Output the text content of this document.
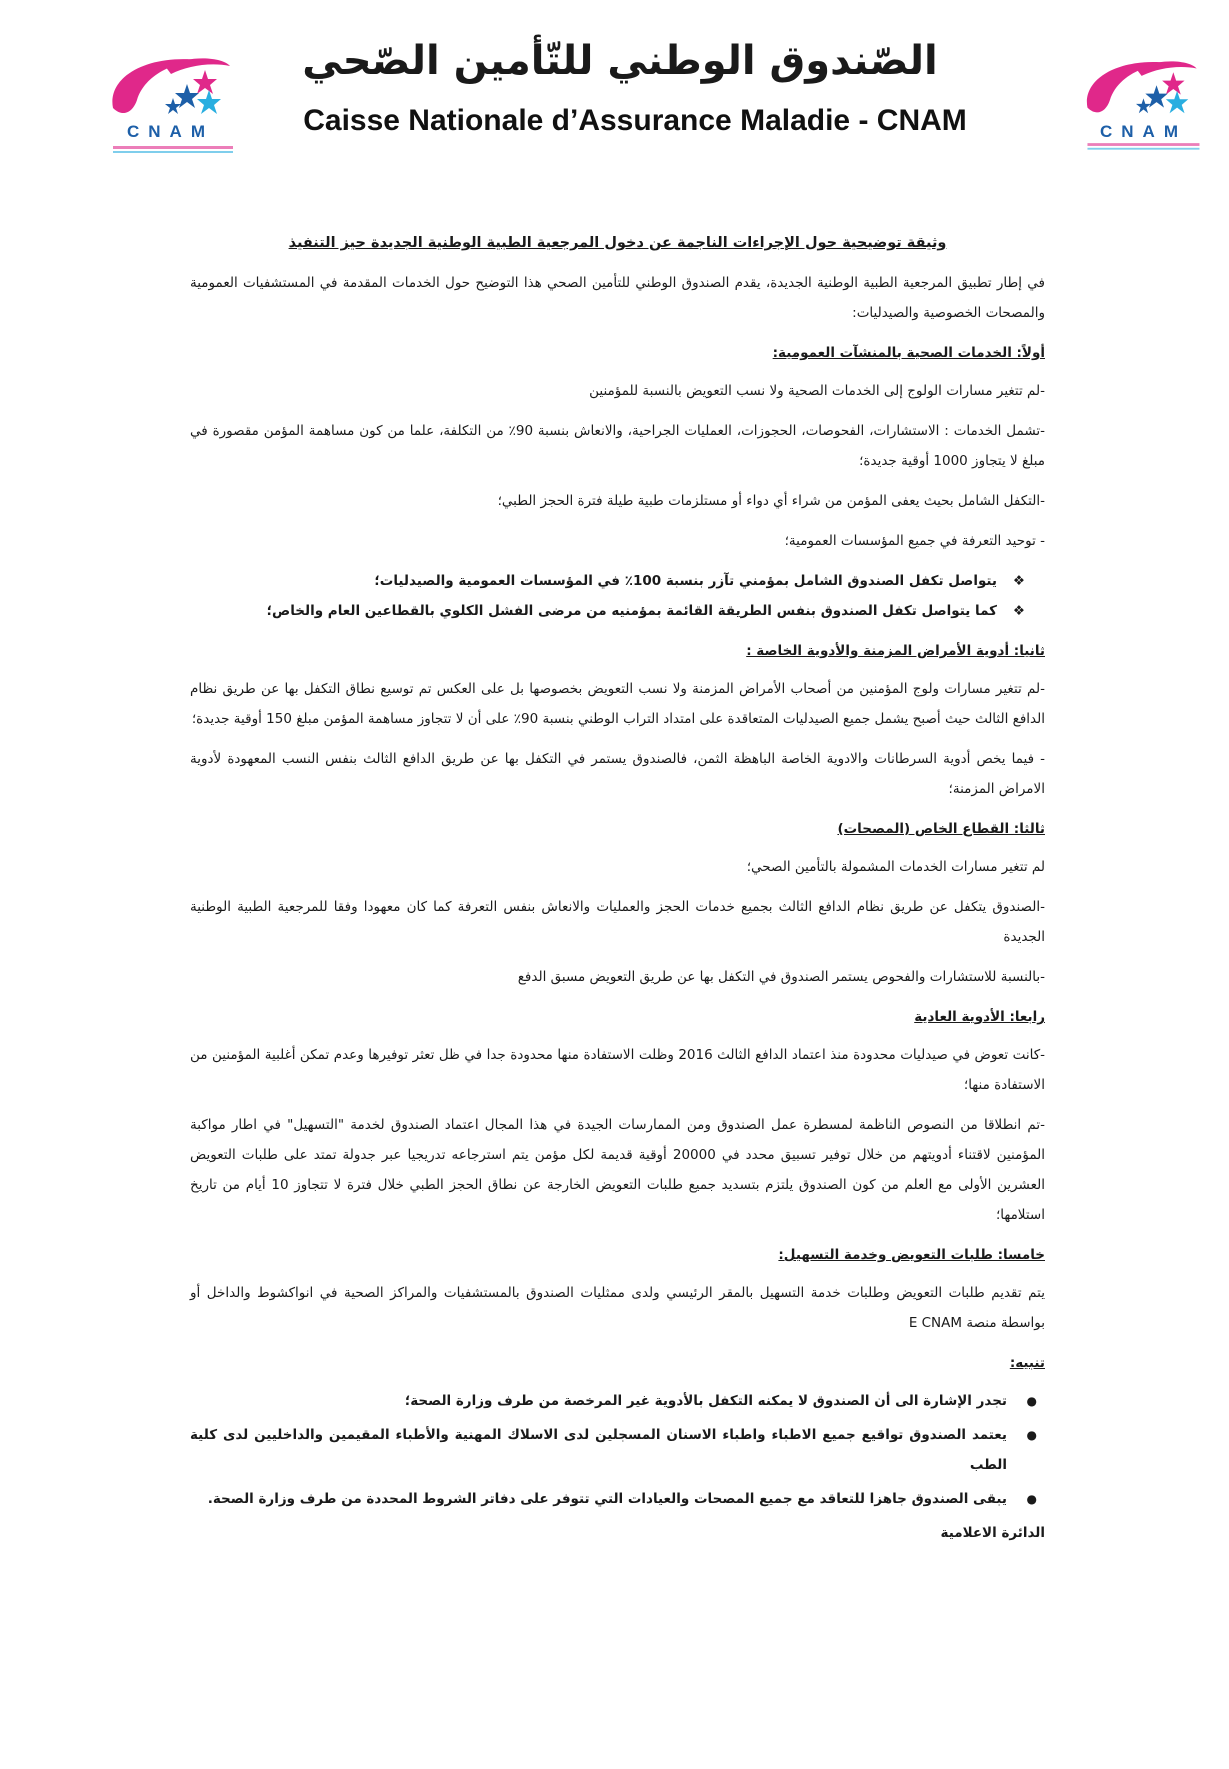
CNAM
الصّندوق الوطني للتّأمين الصّحي
Caisse Nationale d’Assurance Maladie - CNAM	CNAM
وثيقة توضيحية حول الإجراءات الناجمة عن دخول المرجعية الطبية الوطنية الجديدة حيز التنفيذ

في إطار تطبيق المرجعية الطبية الوطنية الجديدة، يقدم الصندوق الوطني للتأمين الصحي هذا التوضيح حول الخدمات المقدمة في المستشفيات العمومية والمصحات الخصوصية والصيدليات:

أولاً: الخدمات الصحية بالمنشآت العمومية:

-لم تتغير مسارات الولوج إلى الخدمات الصحية ولا نسب التعويض بالنسبة للمؤمنين

-تشمل الخدمات : الاستشارات، الفحوصات، الحجوزات، العمليات الجراحية، والانعاش بنسبة 90٪ من التكلفة، علما من كون مساهمة المؤمن مقصورة في مبلغ لا يتجاوز 1000 أوقية جديدة؛

-التكفل الشامل بحيث يعفى المؤمن من شراء أي دواء أو مستلزمات طبية طيلة فترة الحجز الطبي؛

- توحيد التعرفة في جميع المؤسسات العمومية؛

❖
يتواصل تكفل الصندوق الشامل بمؤمني تآزر بنسبة 100٪ في المؤسسات العمومية والصيدليات؛
❖
كما يتواصل تكفل الصندوق بنفس الطريقة القائمة بمؤمنيه من مرضى الفشل الكلوي بالقطاعين العام والخاص؛
ثانيا: أدوية الأمراض المزمنة والأدوية الخاصة :

-لم تتغير مسارات ولوج المؤمنين من أصحاب الأمراض المزمنة ولا نسب التعويض بخصوصها بل على العكس تم توسيع نطاق التكفل بها عن طريق نظام الدافع الثالث حيث أصبح يشمل جميع الصيدليات المتعاقدة على امتداد التراب الوطني بنسبة 90٪ على أن لا تتجاوز مساهمة المؤمن مبلغ 150 أوقية جديدة؛

- فيما يخص أدوية السرطانات والادوية الخاصة الباهظة الثمن، فالصندوق يستمر في التكفل بها عن طريق الدافع الثالث بنفس النسب المعهودة لأدوية الامراض المزمنة؛

ثالثا: القطاع الخاص (المصحات)

لم تتغير مسارات الخدمات المشمولة بالتأمين الصحي؛

-الصندوق يتكفل عن طريق نظام الدافع الثالث بجميع خدمات الحجز والعمليات والانعاش بنفس التعرفة كما كان معهودا وفقا للمرجعية الطبية الوطنية الجديدة

-بالنسبة للاستشارات والفحوص يستمر الصندوق في التكفل بها عن طريق التعويض مسبق الدفع

رابعا: الأدوية العادية

-كانت تعوض في صيدليات محدودة منذ اعتماد الدافع الثالث 2016 وظلت الاستفادة منها محدودة جدا في ظل تعثر توفيرها وعدم تمكن أغلبية المؤمنين من الاستفادة منها؛

-تم انطلاقا من النصوص الناظمة لمسطرة عمل الصندوق ومن الممارسات الجيدة في هذا المجال اعتماد الصندوق لخدمة "التسهيل" في اطار مواكبة المؤمنين لاقتناء أدويتهم من خلال توفير تسبيق محدد في 20000 أوقية قديمة لكل مؤمن يتم استرجاعه تدريجيا عبر جدولة تمتد على طلبات التعويض العشرين الأولى مع العلم من كون الصندوق يلتزم بتسديد جميع طلبات التعويض الخارجة عن نطاق الحجز الطبي خلال فترة لا تتجاوز 10 أيام من تاريخ استلامها؛

خامسا: طلبات التعويض وخدمة التسهيل:

يتم تقديم طلبات التعويض وطلبات خدمة التسهيل بالمقر الرئيسي ولدى ممثليات الصندوق بالمستشفيات والمراكز الصحية في انواكشوط والداخل أو بواسطة منصة E CNAM

تنبيه:
●
تجدر الإشارة الى أن الصندوق لا يمكنه التكفل بالأدوية غير المرخصة من طرف وزارة الصحة؛
●
يعتمد الصندوق تواقيع جميع الاطباء واطباء الاسنان المسجلين لدى الاسلاك المهنية والأطباء المقيمين والداخليين لدى كلية الطب
●
يبقى الصندوق جاهزا للتعاقد مع جميع المصحات والعيادات التي تتوفر على دفاتر الشروط المحددة من طرف وزارة الصحة.
الدائرة الاعلامية
